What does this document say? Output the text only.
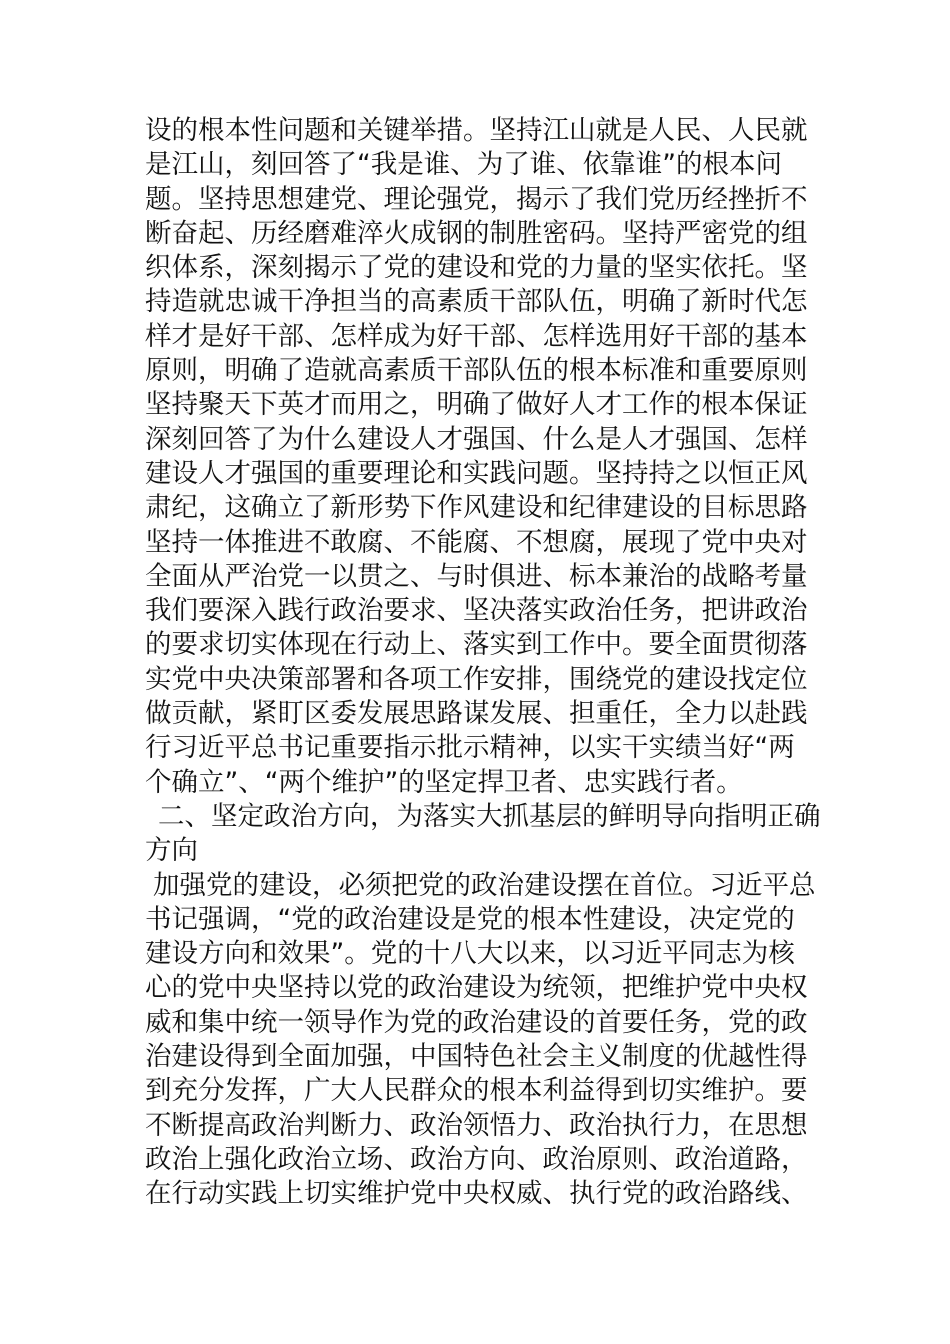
设的根本性问题和关键举措。坚持江山就是人民、人民就
是江山，刻回答了“我是谁、为了谁、依靠谁”的根本问
题。坚持思想建党、理论强党，揭示了我们党历经挫折不
断奋起、历经磨难淬火成钢的制胜密码。坚持严密党的组
织体系，深刻揭示了党的建设和党的力量的坚实依托。坚
持造就忠诚干净担当的高素质干部队伍，明确了新时代怎
样才是好干部、怎样成为好干部、怎样选用好干部的基本
原则，明确了造就高素质干部队伍的根本标准和重要原则
坚持聚天下英才而用之，明确了做好人才工作的根本保证
深刻回答了为什么建设人才强国、什么是人才强国、怎样
建设人才强国的重要理论和实践问题。坚持持之以恒正风
肃纪，这确立了新形势下作风建设和纪律建设的目标思路
坚持一体推进不敢腐、不能腐、不想腐，展现了党中央对
全面从严治党一以贯之、与时俱进、标本兼治的战略考量
我们要深入践行政治要求、坚决落实政治任务，把讲政治
的要求切实体现在行动上、落实到工作中。要全面贯彻落
实党中央决策部署和各项工作安排，围绕党的建设找定位
做贡献，紧盯区委发展思路谋发展、担重任，全力以赴践
行习近平总书记重要指示批示精神，以实干实绩当好“两
个确立”、“两个维护”的坚定捍卫者、忠实践行者。
二、坚定政治方向，为落实大抓基层的鲜明导向指明正确
方向
加强党的建设，必须把党的政治建设摆在首位。习近平总
书记强调，“党的政治建设是党的根本性建设，决定党的
建设方向和效果”。党的十八大以来，以习近平同志为核
心的党中央坚持以党的政治建设为统领，把维护党中央权
威和集中统一领导作为党的政治建设的首要任务，党的政
治建设得到全面加强，中国特色社会主义制度的优越性得
到充分发挥，广大人民群众的根本利益得到切实维护。要
不断提高政治判断力、政治领悟力、政治执行力，在思想
政治上强化政治立场、政治方向、政治原则、政治道路，
在行动实践上切实维护党中央权威、执行党的政治路线、
